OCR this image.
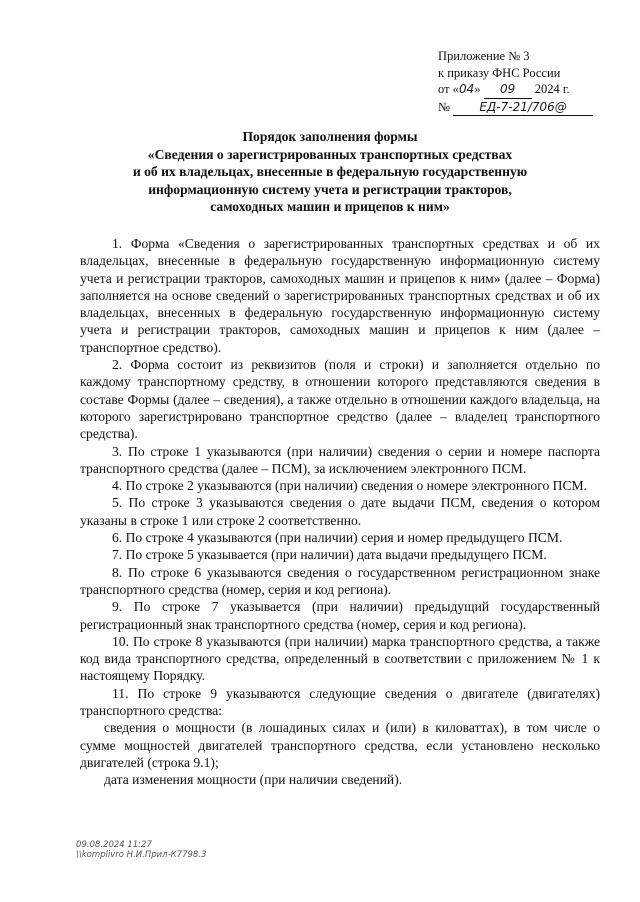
Приложение № 3
к приказу ФНС России
от «04» 09 2024 г.
№ ЕД-7-21/706@
Порядок заполнения формы
«Сведения о зарегистрированных транспортных средствах
и об их владельцах, внесенные в федеральную государственную
информационную систему учета и регистрации тракторов,
самоходных машин и прицепов к ним»

1. Форма «Сведения о зарегистрированных транспортных средствах и об их владельцах, внесенные в федеральную государственную информационную систему учета и регистрации тракторов, самоходных машин и прицепов к ним» (далее – Форма) заполняется на основе сведений о зарегистрированных транспортных средствах и об их владельцах, внесенных в федеральную государственную информационную систему учета и регистрации тракторов, самоходных машин и прицепов к ним (далее – транспортное средство).

2. Форма состоит из реквизитов (поля и строки) и заполняется отдельно по каждому транспортному средству, в отношении которого представляются сведения в составе Формы (далее – сведения), а также отдельно в отношении каждого владельца, на которого зарегистрировано транспортное средство (далее – владелец транспортного средства).

3. По строке 1 указываются (при наличии) сведения о серии и номере паспорта транспортного средства (далее – ПСМ), за исключением электронного ПСМ.

4. По строке 2 указываются (при наличии) сведения о номере электронного ПСМ.

5. По строке 3 указываются сведения о дате выдачи ПСМ, сведения о котором указаны в строке 1 или строке 2 соответственно.

6. По строке 4 указываются (при наличии) серия и номер предыдущего ПСМ.

7. По строке 5 указывается (при наличии) дата выдачи предыдущего ПСМ.

8. По строке 6 указываются сведения о государственном регистрационном знаке транспортного средства (номер, серия и код региона).

9. По строке 7 указывается (при наличии) предыдущий государственный регистрационный знак транспортного средства (номер, серия и код региона).

10. По строке 8 указываются (при наличии) марка транспортного средства, а также код вида транспортного средства, определенный в соответствии с приложением № 1 к настоящему Порядку.

11. По строке 9 указываются следующие сведения о двигателе (двигателях) транспортного средства:

сведения о мощности (в лошадиных силах и (или) в киловаттах), в том числе о сумме мощностей двигателей транспортного средства, если установлено несколько двигателей (строка 9.1);

дата изменения мощности (при наличии сведений).

09.08.2024 11:27
\\komplivro H.И.Прил-К7798.3
